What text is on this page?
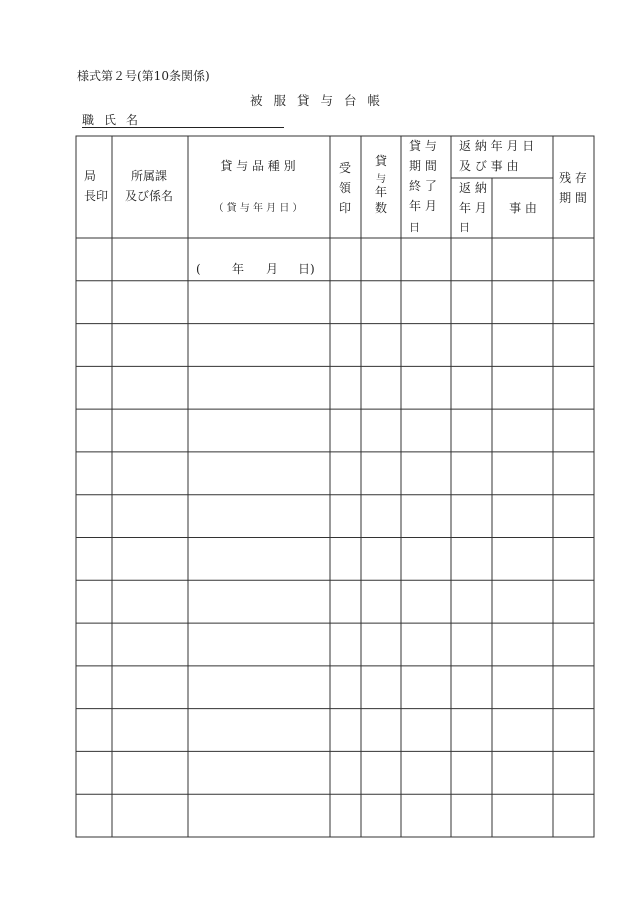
様式第２号(第10条関係)
被服貸与台帳
職氏名
局
長印
所属課
及び係名
貸 与 品 種 別
（ 貸 与 年 月 日 ）
受
領
印
貸
与
年
数
貸 与
期 間
終 了
年 月
日
返 納 年 月 日
及 び 事 由
返 納
年 月
日
事 由
残 存
期 間
(	年 月 日)
